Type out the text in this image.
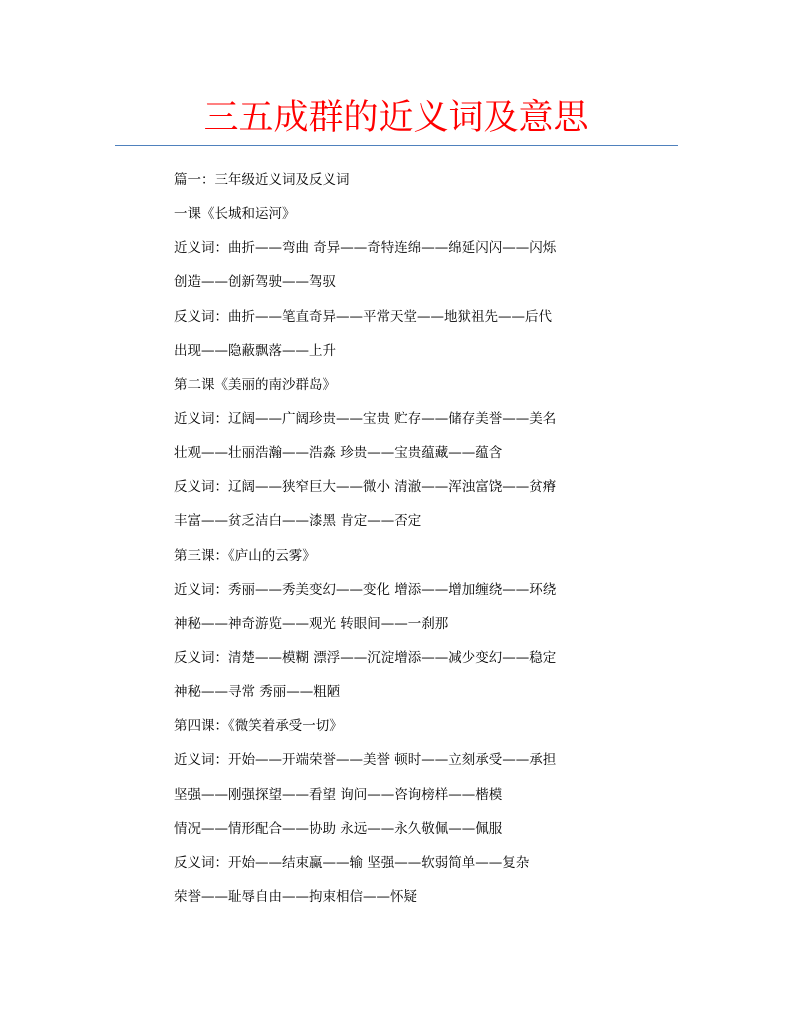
三五成群的近义词及意思
篇一：三年级近义词及反义词
一课《长城和运河》
近义词：曲折——弯曲 奇异——奇特连绵——绵延闪闪——闪烁
创造——创新驾驶——驾驭
反义词：曲折——笔直奇异——平常天堂——地狱祖先——后代
出现——隐蔽飘落——上升
第二课《美丽的南沙群岛》
近义词：辽阔——广阔珍贵——宝贵 贮存——储存美誉——美名
壮观——壮丽浩瀚——浩淼 珍贵——宝贵蕴藏——蕴含
反义词：辽阔——狭窄巨大——微小 清澈——浑浊富饶——贫瘠
丰富——贫乏洁白——漆黑 肯定——否定
第三课：《庐山的云雾》
近义词：秀丽——秀美变幻——变化 增添——增加缠绕——环绕
神秘——神奇游览——观光 转眼间——一刹那
反义词：清楚——模糊 漂浮——沉淀增添——减少变幻——稳定
神秘——寻常 秀丽——粗陋
第四课：《微笑着承受一切》
近义词：开始——开端荣誉——美誉 顿时——立刻承受——承担
坚强——刚强探望——看望 询问——咨询榜样——楷模
情况——情形配合——协助 永远——永久敬佩——佩服
反义词：开始——结束赢——输 坚强——软弱简单——复杂
荣誉——耻辱自由——拘束相信——怀疑
